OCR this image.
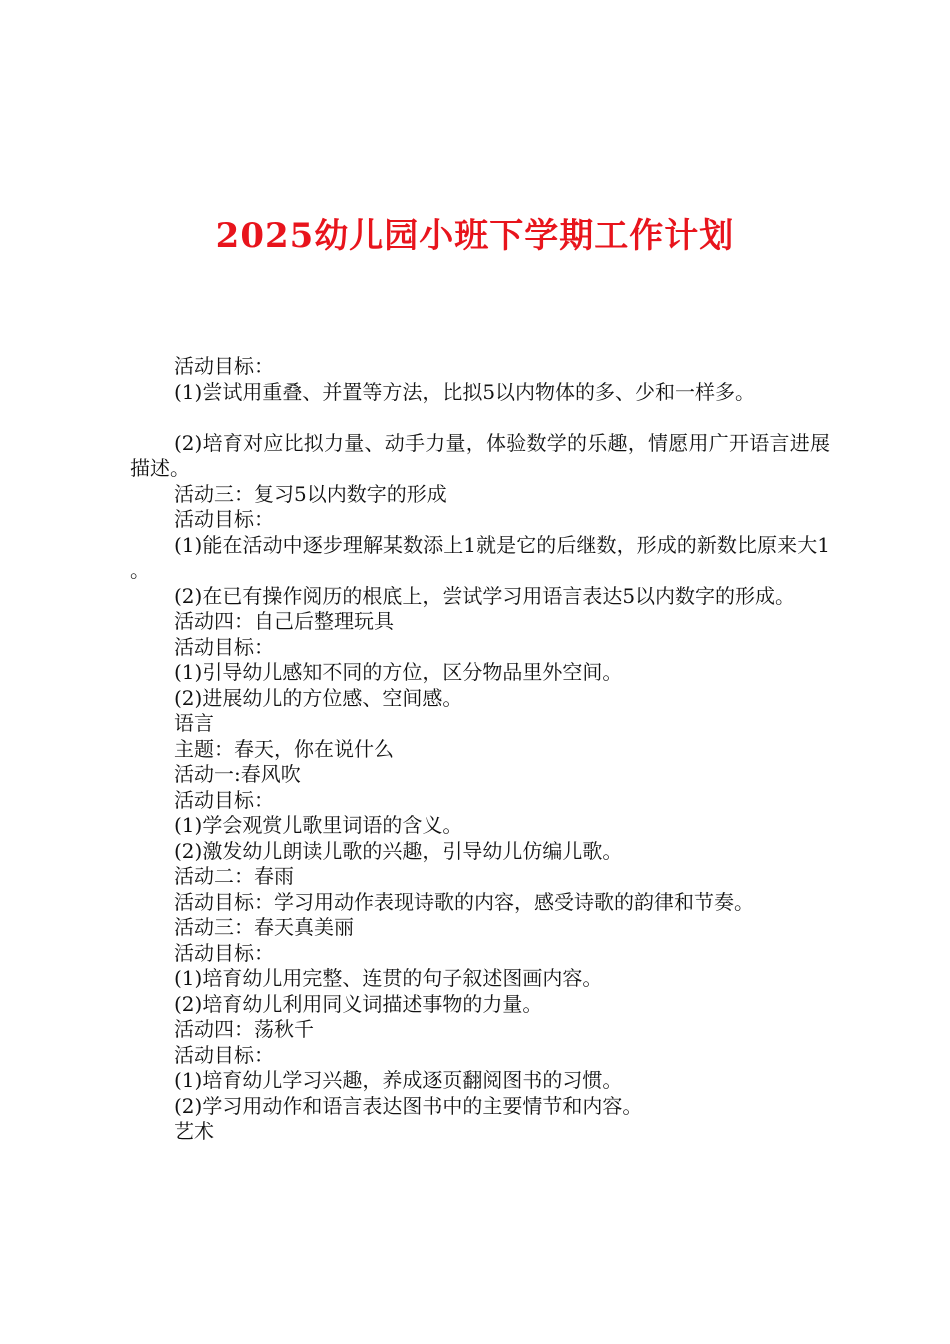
2025幼儿园小班下学期工作计划

活动目标：

(1)尝试用重叠、并置等方法，比拟5以内物体的多、少和一样多。

(2)培育对应比拟力量、动手力量，体验数学的乐趣，情愿用广开语言进展描述。

活动三：复习5以内数字的形成

活动目标：

(1)能在活动中逐步理解某数添上1就是它的后继数，形成的新数比原来大1 。

(2)在已有操作阅历的根底上，尝试学习用语言表达5以内数字的形成。

活动四：自己后整理玩具

活动目标：

(1)引导幼儿感知不同的方位，区分物品里外空间。

(2)进展幼儿的方位感、空间感。

语言

主题：春天，你在说什么

活动一:春风吹

活动目标：

(1)学会观赏儿歌里词语的含义。

(2)激发幼儿朗读儿歌的兴趣，引导幼儿仿编儿歌。

活动二：春雨

活动目标：学习用动作表现诗歌的内容，感受诗歌的韵律和节奏。

活动三：春天真美丽

活动目标：

(1)培育幼儿用完整、连贯的句子叙述图画内容。

(2)培育幼儿利用同义词描述事物的力量。

活动四：荡秋千

活动目标：

(1)培育幼儿学习兴趣，养成逐页翻阅图书的习惯。

(2)学习用动作和语言表达图书中的主要情节和内容。

艺术
